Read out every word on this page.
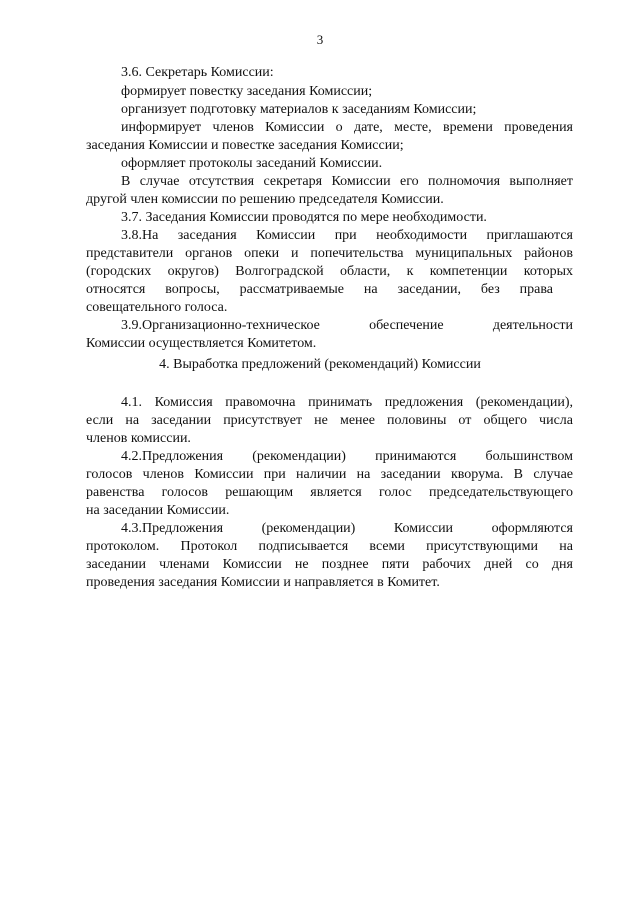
3
3.6. Секретарь Комиссии:
формирует повестку заседания Комиссии;
организует подготовку материалов к заседаниям Комиссии;
информирует членов Комиссии о дате, месте, времени проведения
заседания Комиссии и повестке заседания Комиссии;
оформляет протоколы заседаний Комиссии.
В случае отсутствия секретаря Комиссии его полномочия выполняет
другой член комиссии по решению председателя Комиссии.
3.7. Заседания Комиссии проводятся по мере необходимости.
3.8.На заседания Комиссии при необходимости приглашаются
представители органов опеки и попечительства муниципальных районов
(городских округов) Волгоградской области, к компетенции которых
относятся вопросы, рассматриваемые на заседании, без права
совещательного голоса.
3.9.Организационно-техническое обеспечение деятельности
Комиссии осуществляется Комитетом.
4. Выработка предложений (рекомендаций) Комиссии
4.1. Комиссия правомочна принимать предложения (рекомендации),
если на заседании присутствует не менее половины от общего числа
членов комиссии.
4.2.Предложения (рекомендации) принимаются большинством
голосов членов Комиссии при наличии на заседании кворума. В случае
равенства голосов решающим является голос председательствующего
на заседании Комиссии.
4.3.Предложения (рекомендации) Комиссии оформляются
протоколом. Протокол подписывается всеми присутствующими на
заседании членами Комиссии не позднее пяти рабочих дней со дня
проведения заседания Комиссии и направляется в Комитет.
